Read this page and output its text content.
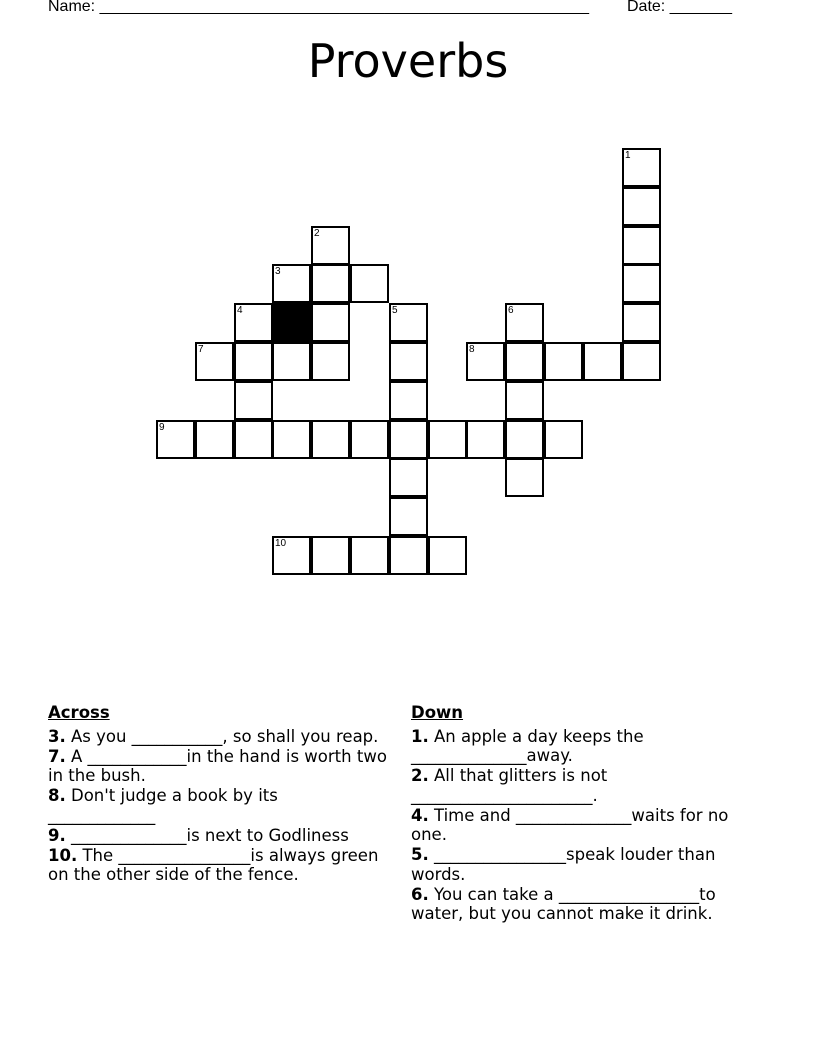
Name: _______________________________________________________ Date: _______
Proverbs
1
2
3
4	5	6
7	8
9
10
Across
3. As you ___________, so shall you reap.
7. A ____________in the hand is worth two in the bush.
8. Don't judge a book by its _____________
9. ______________is next to Godliness
10. The ________________is always green on the other side of the fence.
Down
1. An apple a day keeps the ______________away.
2. All that glitters is not ______________________.
4. Time and ______________waits for no one.
5. ________________speak louder than words.
6. You can take a _________________to water, but you cannot make it drink.
